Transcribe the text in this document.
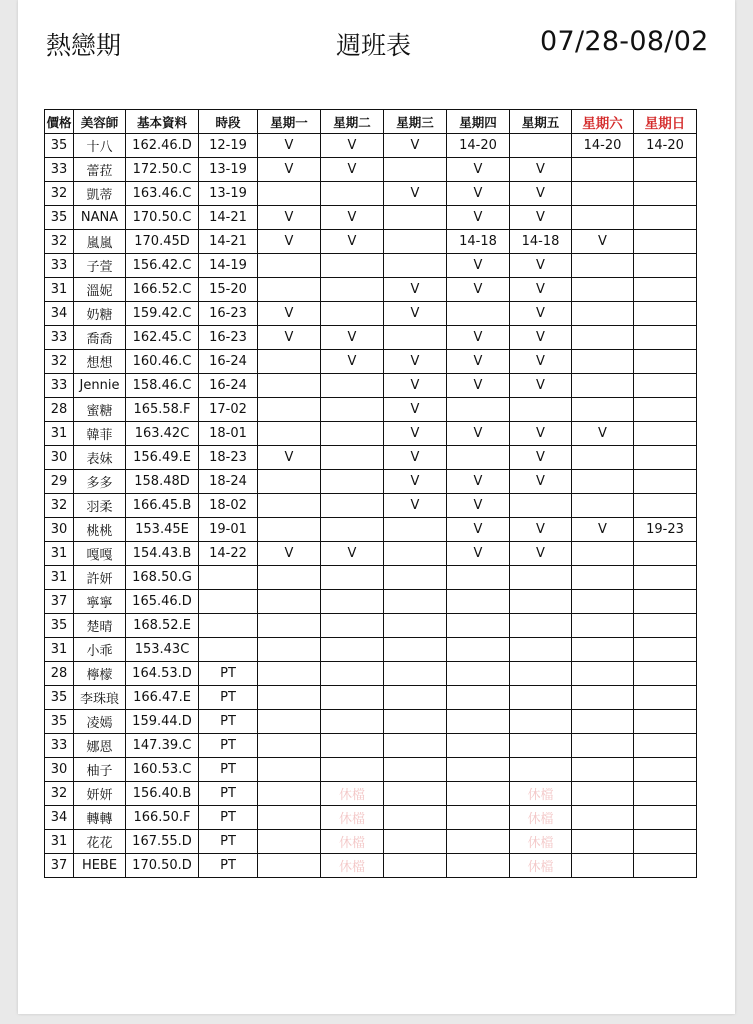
熱戀期	週班表	07/28-08/02
價格	美容師	基本資料	時段	星期一	星期二	星期三	星期四	星期五	星期六	星期日
35	十八	162.46.D	12-19	V	V	V	14-20		14-20	14-20
33	蕾菈	172.50.C	13-19	V	V		V	V		
32	凱蒂	163.46.C	13-19			V	V	V		
35	NANA	170.50.C	14-21	V	V		V	V		
32	嵐嵐	170.45D	14-21	V	V		14-18	14-18	V	
33	子萱	156.42.C	14-19				V	V		
31	溫妮	166.52.C	15-20			V	V	V		
34	奶糖	159.42.C	16-23	V		V		V		
33	喬喬	162.45.C	16-23	V	V		V	V		
32	想想	160.46.C	16-24		V	V	V	V		
33	Jennie	158.46.C	16-24			V	V	V		
28	蜜糖	165.58.F	17-02			V				
31	韓菲	163.42C	18-01			V	V	V	V	
30	表妹	156.49.E	18-23	V		V		V		
29	多多	158.48D	18-24			V	V	V		
32	羽柔	166.45.B	18-02			V	V			
30	桃桃	153.45E	19-01				V	V	V	19-23
31	嘎嘎	154.43.B	14-22	V	V		V	V		
31	許妍	168.50.G								
37	寧寧	165.46.D								
35	楚晴	168.52.E								
31	小乖	153.43C								
28	檸檬	164.53.D	PT							
35	李珠琅	166.47.E	PT							
35	凌嫣	159.44.D	PT							
33	娜恩	147.39.C	PT							
30	柚子	160.53.C	PT							
32	妍妍	156.40.B	PT		休檔			休檔		
34	轉轉	166.50.F	PT		休檔			休檔		
31	花花	167.55.D	PT		休檔			休檔		
37	HEBE	170.50.D	PT		休檔			休檔		
